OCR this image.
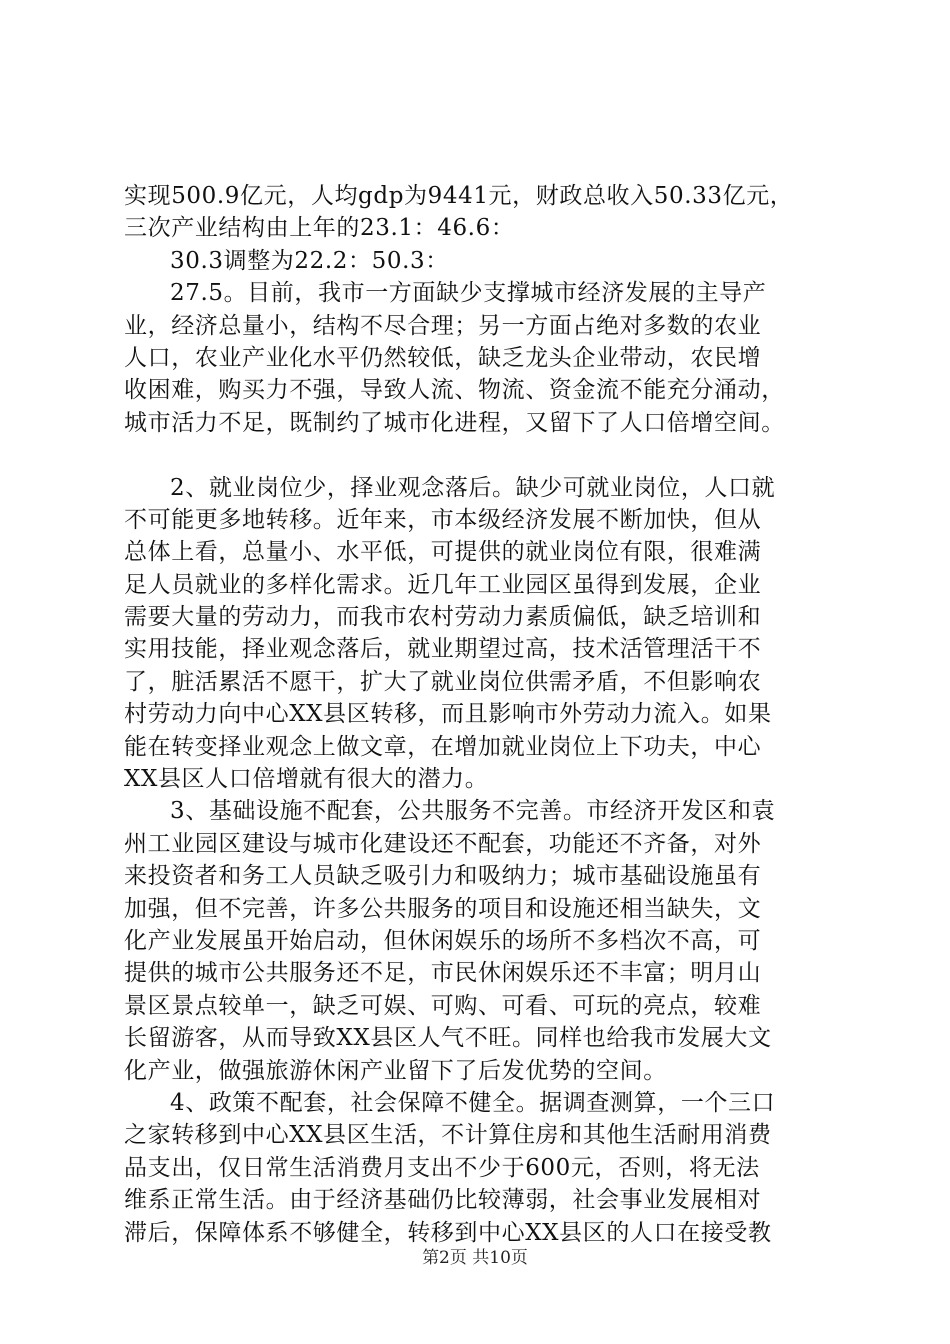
实现500.9亿元，人均gdp为9441元，财政总收入50.33亿元，
三次产业结构由上年的23.1：46.6：
30.3调整为22.2：50.3：
27.5。目前，我市一方面缺少支撑城市经济发展的主导产
业，经济总量小，结构不尽合理；另一方面占绝对多数的农业
人口，农业产业化水平仍然较低，缺乏龙头企业带动，农民增
收困难，购买力不强，导致人流、物流、资金流不能充分涌动，
城市活力不足，既制约了城市化进程，又留下了人口倍增空间。
2、就业岗位少，择业观念落后。缺少可就业岗位，人口就
不可能更多地转移。近年来，市本级经济发展不断加快，但从
总体上看，总量小、水平低，可提供的就业岗位有限，很难满
足人员就业的多样化需求。近几年工业园区虽得到发展，企业
需要大量的劳动力，而我市农村劳动力素质偏低，缺乏培训和
实用技能，择业观念落后，就业期望过高，技术活管理活干不
了，脏活累活不愿干，扩大了就业岗位供需矛盾，不但影响农
村劳动力向中心XX县区转移，而且影响市外劳动力流入。如果
能在转变择业观念上做文章，在增加就业岗位上下功夫，中心
XX县区人口倍增就有很大的潜力。
3、基础设施不配套，公共服务不完善。市经济开发区和袁
州工业园区建设与城市化建设还不配套，功能还不齐备，对外
来投资者和务工人员缺乏吸引力和吸纳力；城市基础设施虽有
加强，但不完善，许多公共服务的项目和设施还相当缺失，文
化产业发展虽开始启动，但休闲娱乐的场所不多档次不高，可
提供的城市公共服务还不足，市民休闲娱乐还不丰富；明月山
景区景点较单一，缺乏可娱、可购、可看、可玩的亮点，较难
长留游客，从而导致XX县区人气不旺。同样也给我市发展大文
化产业，做强旅游休闲产业留下了后发优势的空间。
4、政策不配套，社会保障不健全。据调查测算，一个三口
之家转移到中心XX县区生活，不计算住房和其他生活耐用消费
品支出，仅日常生活消费月支出不少于600元，否则，将无法
维系正常生活。由于经济基础仍比较薄弱，社会事业发展相对
滞后，保障体系不够健全，转移到中心XX县区的人口在接受教
第2页 共10页
